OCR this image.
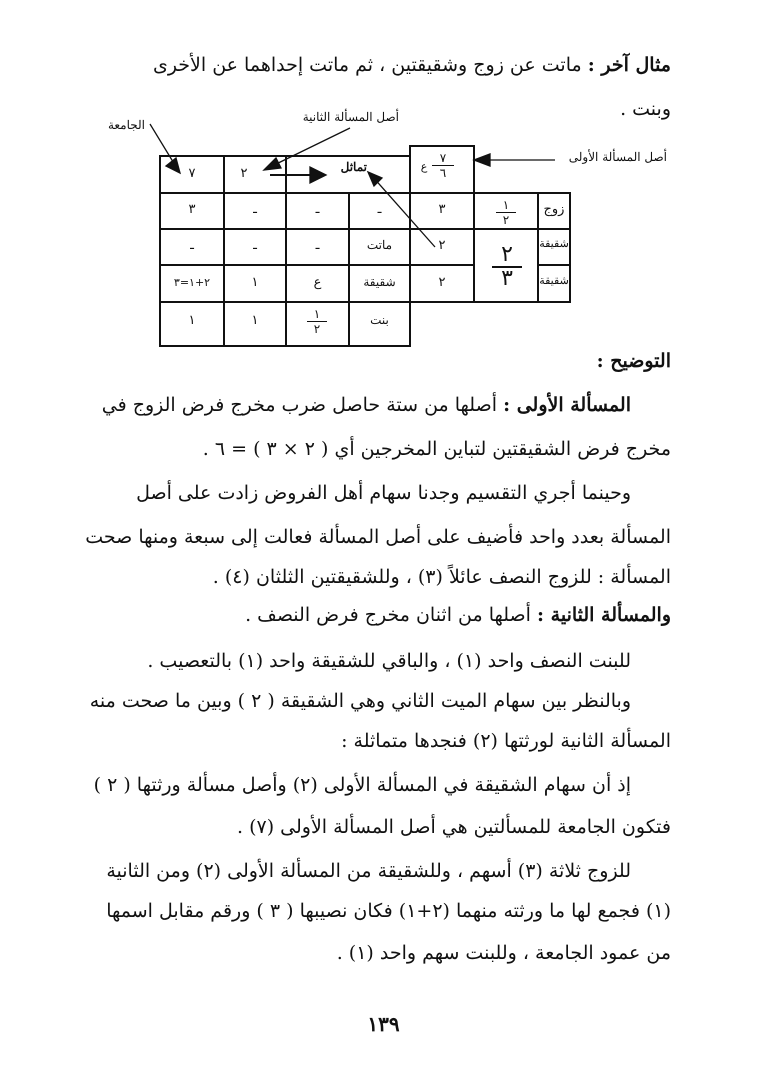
مثال آخر : ماتت عن زوج وشقيقتين ، ثم ماتت إحداهما عن الأخرى
وبنت .
أصل المسألة الأولى
أصل المسألة الثانية
الجامعة
تماثل	ع
٧
٦
٧	٢
زوج
شقيقة
شقيقة
١
٢
٢
٣
٣
٢
٢
ـ
ماتت
شقيقة
بنت
ـ
ـ
ع
١
٢
ـ
ـ
١
١
٣
ـ
٢+١=٣
١
التوضيح :
المسألة الأولى : أصلها من ستة حاصل ضرب مخرج فرض الزوج في
مخرج فرض الشقيقتين لتباين المخرجين أي ( ٢ × ٣ ) = ٦ .
وحينما أجري التقسيم وجدنا سهام أهل الفروض زادت على أصل
المسألة بعدد واحد فأضيف على أصل المسألة فعالت إلى سبعة ومنها صحت
المسألة : للزوج النصف عائلاً (٣) ، وللشقيقتين الثلثان (٤) .
والمسألة الثانية : أصلها من اثنان مخرج فرض النصف .
للبنت النصف واحد (١) ، والباقي للشقيقة واحد (١) بالتعصيب .
وبالنظر بين سهام الميت الثاني وهي الشقيقة ( ٢ ) وبين ما صحت منه
المسألة الثانية لورثتها (٢) فنجدها متماثلة :
إذ أن سهام الشقيقة في المسألة الأولى (٢) وأصل مسألة ورثتها ( ٢ )
فتكون الجامعة للمسألتين هي أصل المسألة الأولى (٧) .
للزوج ثلاثة (٣) أسهم ، وللشقيقة من المسألة الأولى (٢) ومن الثانية
(١) فجمع لها ما ورثته منهما (٢+١) فكان نصيبها ( ٣ ) ورقم مقابل اسمها
من عمود الجامعة ، وللبنت سهم واحد (١) .
١٣٩
